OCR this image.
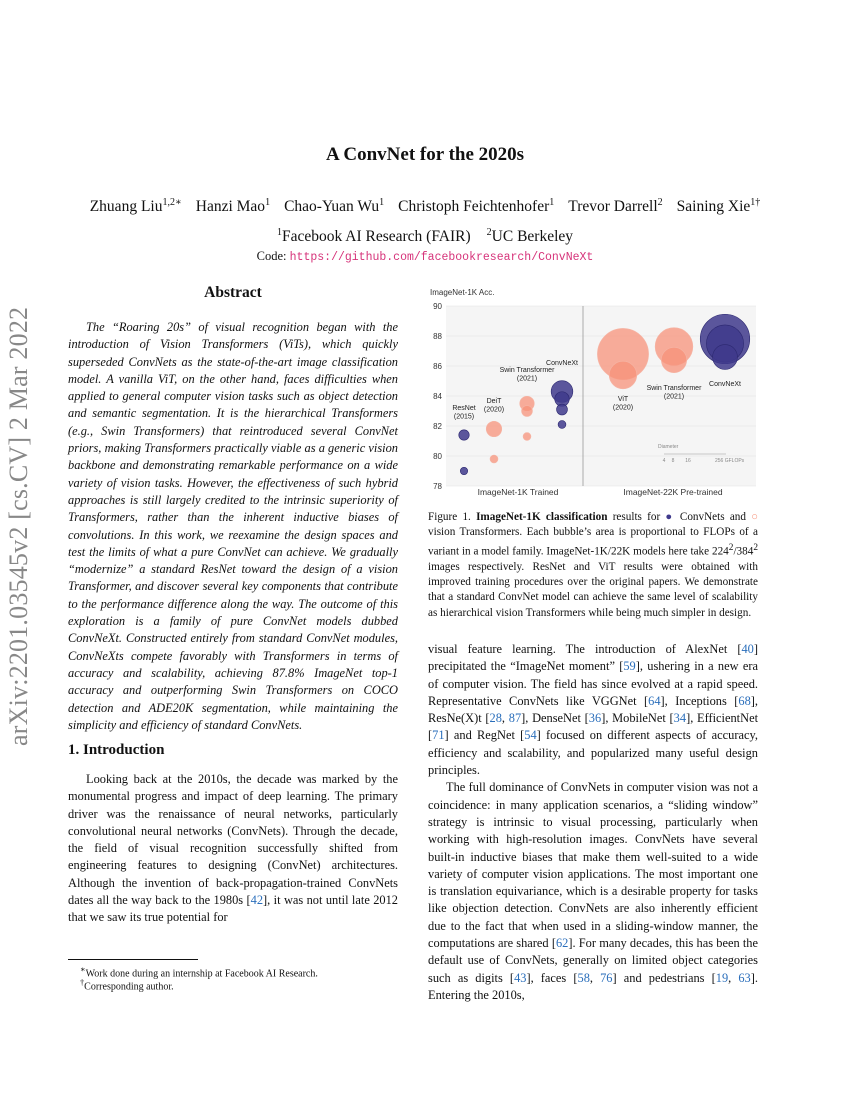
A ConvNet for the 2020s
Zhuang Liu$^{1,2∗}$ Hanzi Mao$^1$ Chao-Yuan Wu$^1$ Christoph Feichtenhofer$^1$ Trevor Darrell$^2$ Saining Xie$^{1\dagger}$
$^1$Facebook AI Research (FAIR) $^2$UC Berkeley
Code: https://github.com/facebookresearch/ConvNeXt
arXiv:2201.03545v2 [cs.CV] 2 Mar 2022
Abstract
The “Roaring 20s” of visual recognition began with the introduction of Vision Transformers (ViTs), which quickly superseded ConvNets as the state-of-the-art image classification model. A vanilla ViT, on the other hand, faces difficulties when applied to general computer vision tasks such as object detection and semantic segmentation. It is the hierarchical Transformers (e.g., Swin Transformers) that reintroduced several ConvNet priors, making Transformers practically viable as a generic vision backbone and demonstrating remarkable performance on a wide variety of vision tasks. However, the effectiveness of such hybrid approaches is still largely credited to the intrinsic superiority of Transformers, rather than the inherent inductive biases of convolutions. In this work, we reexamine the design spaces and test the limits of what a pure ConvNet can achieve. We gradually “modernize” a standard ResNet toward the design of a vision Transformer, and discover several key components that contribute to the performance difference along the way. The outcome of this exploration is a family of pure ConvNet models dubbed ConvNeXt. Constructed entirely from standard ConvNet modules, ConvNeXts compete favorably with Transformers in terms of accuracy and scalability, achieving 87.8% ImageNet top-1 accuracy and outperforming Swin Transformers on COCO detection and ADE20K segmentation, while maintaining the simplicity and efficiency of standard ConvNets.
1. Introduction
Looking back at the 2010s, the decade was marked by the monumental progress and impact of deep learning. The primary driver was the renaissance of neural networks, particularly convolutional neural networks (ConvNets). Through the decade, the field of visual recognition successfully shifted from engineering features to designing (ConvNet) architectures. Although the invention of back-propagation-trained ConvNets dates all the way back to the 1980s [42], it was not until late 2012 that we saw its true potential for
∗Work done during an internship at Facebook AI Research.
†Corresponding author.
ImageNet-1K Acc.
90
88
86
84
82
80
78
ResNet
(2015)
DeiT
(2020)
Swin Transformer
(2021)
ConvNeXt
ViT
(2020)
Swin Transformer
(2021)
ConvNeXt
ImageNet-1K Trained	ImageNet-22K Pre-trained
Diameter
4 8 16	256 GFLOPs
Figure 1. ImageNet-1K classification results for ● ConvNets and ○ vision Transformers. Each bubble’s area is proportional to FLOPs of a variant in a model family. ImageNet-1K/22K models here take $224^2/384^2$ images respectively. ResNet and ViT results were obtained with improved training procedures over the original papers. We demonstrate that a standard ConvNet model can achieve the same level of scalability as hierarchical vision Transformers while being much simpler in design.
visual feature learning. The introduction of AlexNet [40] precipitated the “ImageNet moment” [59], ushering in a new era of computer vision. The field has since evolved at a rapid speed. Representative ConvNets like VGGNet [64], Inceptions [68], ResNe(X)t [28, 87], DenseNet [36], MobileNet [34], EfficientNet [71] and RegNet [54] focused on different aspects of accuracy, efficiency and scalability, and popularized many useful design principles.
The full dominance of ConvNets in computer vision was not a coincidence: in many application scenarios, a “sliding window” strategy is intrinsic to visual processing, particularly when working with high-resolution images. ConvNets have several built-in inductive biases that make them well-suited to a wide variety of computer vision applications. The most important one is translation equivariance, which is a desirable property for tasks like objection detection. ConvNets are also inherently efficient due to the fact that when used in a sliding-window manner, the computations are shared [62]. For many decades, this has been the default use of ConvNets, generally on limited object categories such as digits [43], faces [58, 76] and pedestrians [19, 63]. Entering the 2010s,
